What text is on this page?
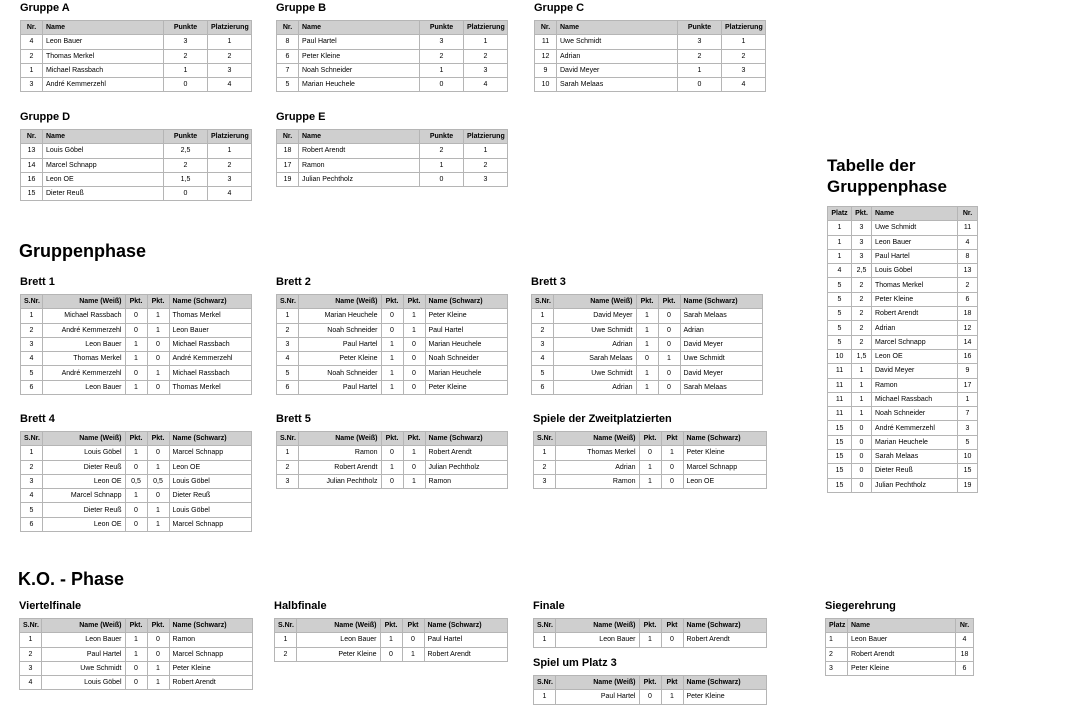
Gruppe A
Nr.	Name	Punkte	Platzierung
4	Leon Bauer	3	1
2	Thomas Merkel	2	2
1	Michael Rassbach	1	3
3	André Kemmerzehl	0	4
Gruppe B
Nr.	Name	Punkte	Platzierung
8	Paul Hartel	3	1
6	Peter Kleine	2	2
7	Noah Schneider	1	3
5	Marian Heuchele	0	4
Gruppe C
Nr.	Name	Punkte	Platzierung
11	Uwe Schmidt	3	1
12	Adrian	2	2
9	David Meyer	1	3
10	Sarah Melaas	0	4
Gruppe D
Nr.	Name	Punkte	Platzierung
13	Louis Göbel	2,5	1
14	Marcel Schnapp	2	2
16	Leon OE	1,5	3
15	Dieter Reuß	0	4
Gruppe E
Nr.	Name	Punkte	Platzierung
18	Robert Arendt	2	1
17	Ramon	1	2
19	Julian Pechtholz	0	3
Gruppenphase
Brett 1
S.Nr.	Name (Weiß)	Pkt.	Pkt.	Name (Schwarz)
1	Michael Rassbach	0	1	Thomas Merkel
2	André Kemmerzehl	0	1	Leon Bauer
3	Leon Bauer	1	0	Michael Rassbach
4	Thomas Merkel	1	0	André Kemmerzehl
5	André Kemmerzehl	0	1	Michael Rassbach
6	Leon Bauer	1	0	Thomas Merkel
Brett 2
S.Nr.	Name (Weiß)	Pkt.	Pkt.	Name (Schwarz)
1	Marian Heuchele	0	1	Peter Kleine
2	Noah Schneider	0	1	Paul Hartel
3	Paul Hartel	1	0	Marian Heuchele
4	Peter Kleine	1	0	Noah Schneider
5	Noah Schneider	1	0	Marian Heuchele
6	Paul Hartel	1	0	Peter Kleine
Brett 3
S.Nr.	Name (Weiß)	Pkt.	Pkt.	Name (Schwarz)
1	David Meyer	1	0	Sarah Melaas
2	Uwe Schmidt	1	0	Adrian
3	Adrian	1	0	David Meyer
4	Sarah Melaas	0	1	Uwe Schmidt
5	Uwe Schmidt	1	0	David Meyer
6	Adrian	1	0	Sarah Melaas
Brett 4
S.Nr.	Name (Weiß)	Pkt.	Pkt.	Name (Schwarz)
1	Louis Göbel	1	0	Marcel Schnapp
2	Dieter Reuß	0	1	Leon OE
3	Leon OE	0,5	0,5	Louis Göbel
4	Marcel Schnapp	1	0	Dieter Reuß
5	Dieter Reuß	0	1	Louis Göbel
6	Leon OE	0	1	Marcel Schnapp
Brett 5
S.Nr.	Name (Weiß)	Pkt.	Pkt.	Name (Schwarz)
1	Ramon	0	1	Robert Arendt
2	Robert Arendt	1	0	Julian Pechtholz
3	Julian Pechtholz	0	1	Ramon
Spiele der Zweitplatzierten
S.Nr.	Name (Weiß)	Pkt.	Pkt	Name (Schwarz)
1	Thomas Merkel	0	1	Peter Kleine
2	Adrian	1	0	Marcel Schnapp
3	Ramon	1	0	Leon OE
Tabelle der Gruppenphase
Platz	Pkt.	Name	Nr.
1	3	Uwe Schmidt	11
1	3	Leon Bauer	4
1	3	Paul Hartel	8
4	2,5	Louis Göbel	13
5	2	Thomas Merkel	2
5	2	Peter Kleine	6
5	2	Robert Arendt	18
5	2	Adrian	12
5	2	Marcel Schnapp	14
10	1,5	Leon OE	16
11	1	David Meyer	9
11	1	Ramon	17
11	1	Michael Rassbach	1
11	1	Noah Schneider	7
15	0	André Kemmerzehl	3
15	0	Marian Heuchele	5
15	0	Sarah Melaas	10
15	0	Dieter Reuß	15
15	0	Julian Pechtholz	19
K.O. - Phase
Viertelfinale
S.Nr.	Name (Weiß)	Pkt.	Pkt.	Name (Schwarz)
1	Leon Bauer	1	0	Ramon
2	Paul Hartel	1	0	Marcel Schnapp
3	Uwe Schmidt	0	1	Peter Kleine
4	Louis Göbel	0	1	Robert Arendt
Halbfinale
S.Nr.	Name (Weiß)	Pkt.	Pkt	Name (Schwarz)
1	Leon Bauer	1	0	Paul Hartel
2	Peter Kleine	0	1	Robert Arendt
Finale
S.Nr.	Name (Weiß)	Pkt.	Pkt	Name (Schwarz)
1	Leon Bauer	1	0	Robert Arendt
Spiel um Platz 3
S.Nr.	Name (Weiß)	Pkt.	Pkt	Name (Schwarz)
1	Paul Hartel	0	1	Peter Kleine
Siegerehrung
Platz	Name	Nr.
1	Leon Bauer	4
2	Robert Arendt	18
3	Peter Kleine	6
